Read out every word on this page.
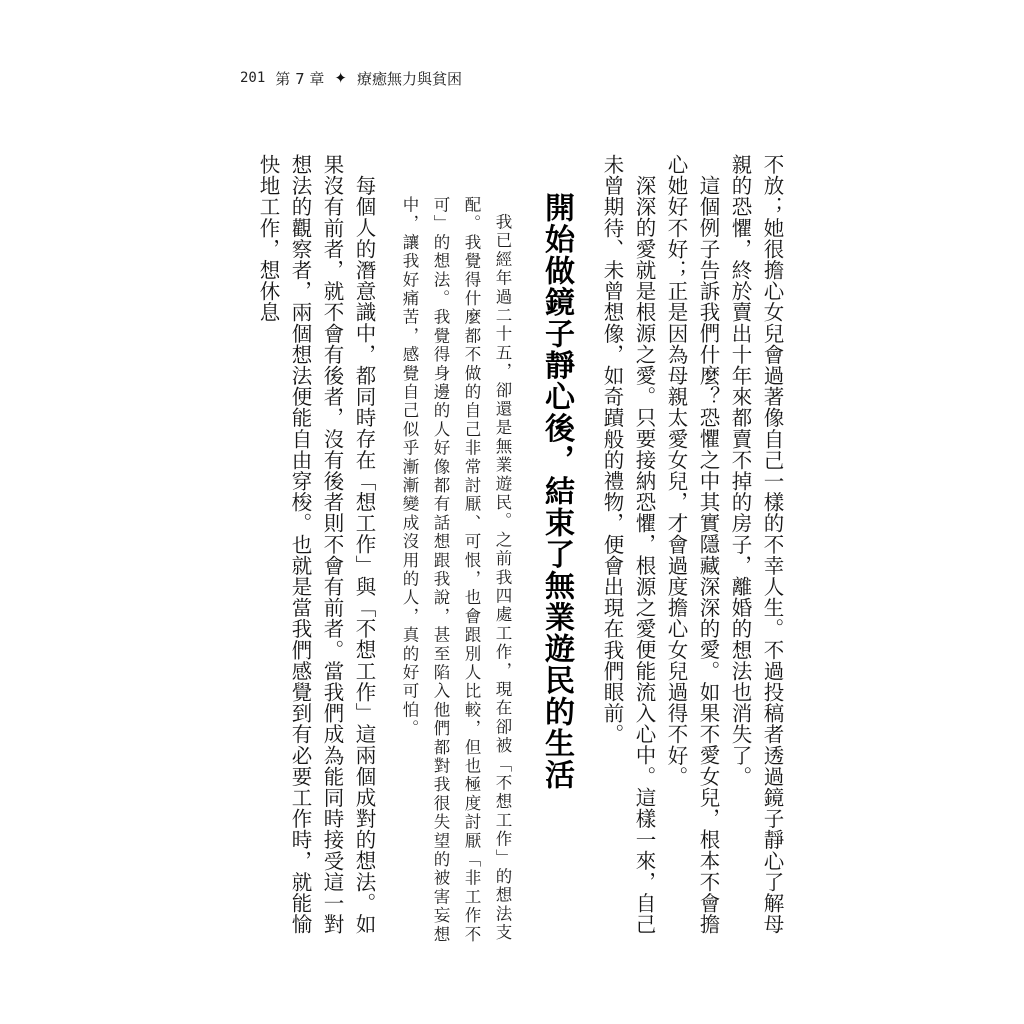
201 第 7 章 ✦ 療癒無力與貧困

不放；她很擔心女兒會過著像自己一樣的不幸人生。不過投稿者透過鏡子靜心了解母親的恐懼，終於賣出十年來都賣不掉的房子，離婚的想法也消失了。

這個例子告訴我們什麼？恐懼之中其實隱藏深深的愛。如果不愛女兒，根本不會擔心她好不好；正是因為母親太愛女兒，才會過度擔心女兒過得不好。

深深的愛就是根源之愛。只要接納恐懼，根源之愛便能流入心中。這樣一來，自己未曾期待、未曾想像，如奇蹟般的禮物，便會出現在我們眼前。

開始做鏡子靜心後，結束了無業遊民的生活

我已經年過二十五，卻還是無業遊民。之前我四處工作，現在卻被「不想工作」的想法支配。我覺得什麼都不做的自己非常討厭、可恨，也會跟別人比較，但也極度討厭「非工作不可」的想法。我覺得身邊的人好像都有話想跟我說，甚至陷入他們都對我很失望的被害妄想中，讓我好痛苦，感覺自己似乎漸漸變成沒用的人，真的好可怕。

每個人的潛意識中，都同時存在「想工作」與「不想工作」這兩個成對的想法。如果沒有前者，就不會有後者，沒有後者則不會有前者。當我們成為能同時接受這一對想法的觀察者，兩個想法便能自由穿梭。也就是當我們感覺到有必要工作時，就能愉快地工作，想休息
